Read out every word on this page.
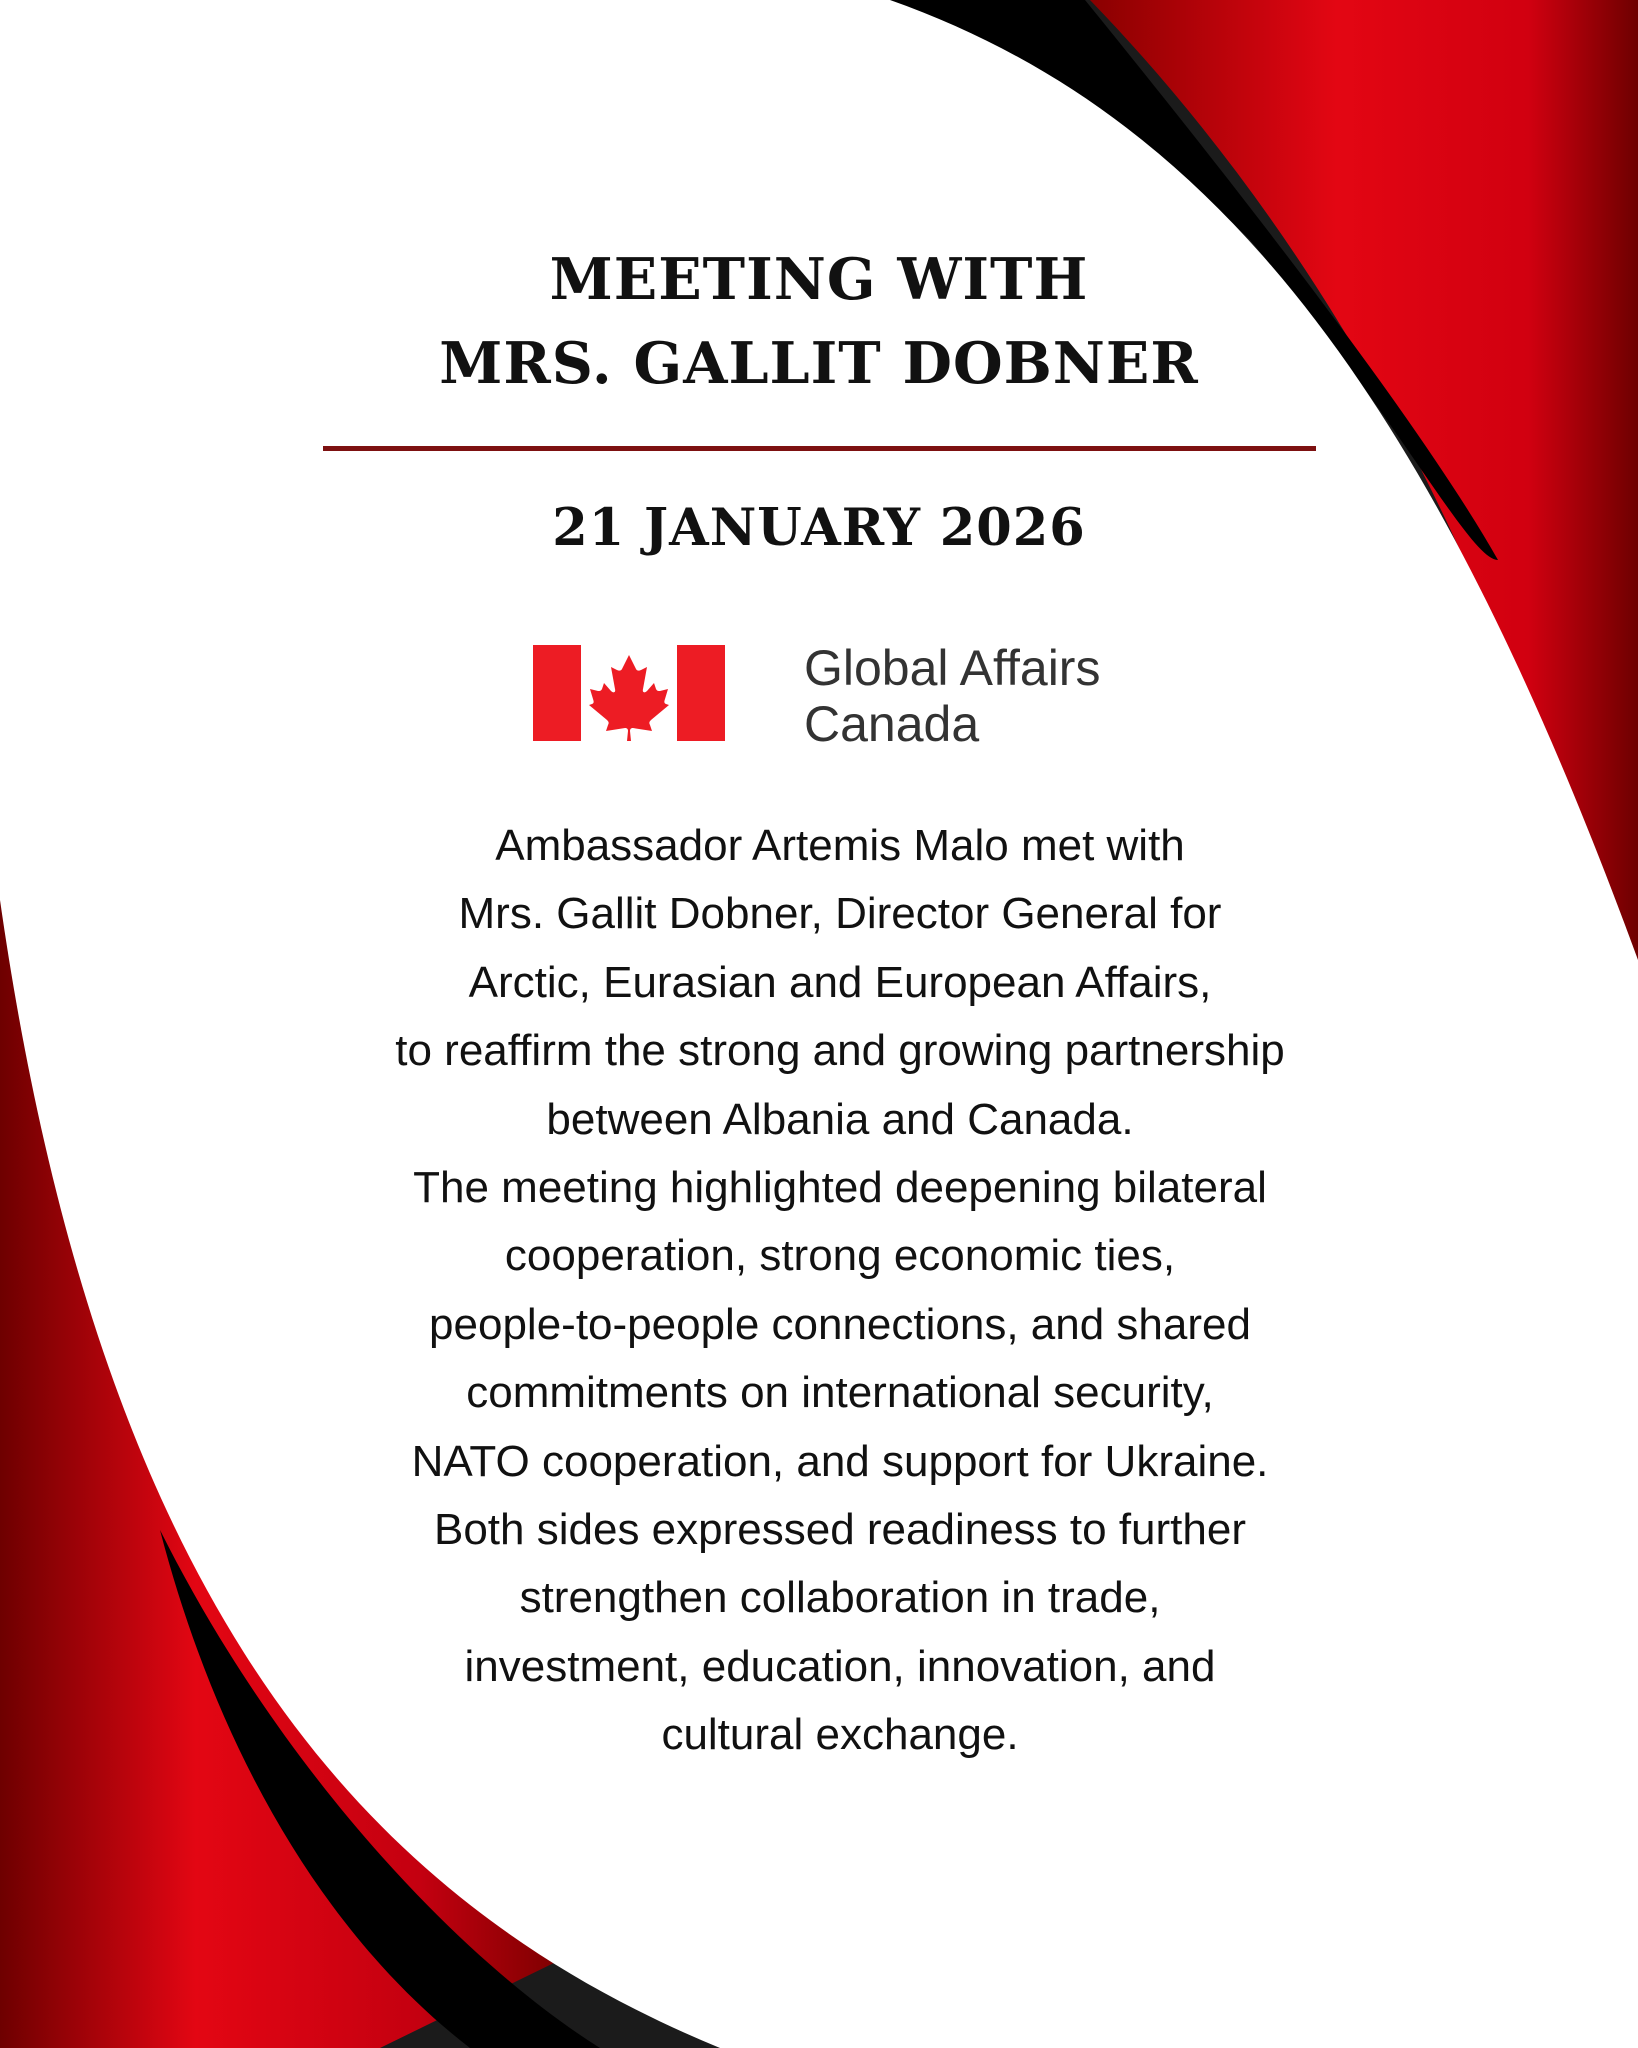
MEETING WITH
MRS. GALLIT DOBNER
21 JANUARY 2026
Global Affairs
Canada
Ambassador Artemis Malo met with
Mrs. Gallit Dobner, Director General for
Arctic, Eurasian and European Affairs,
to reaffirm the strong and growing partnership
between Albania and Canada.
The meeting highlighted deepening bilateral
cooperation, strong economic ties,
people-to-people connections, and shared
commitments on international security,
NATO cooperation, and support for Ukraine.
Both sides expressed readiness to further
strengthen collaboration in trade,
investment, education, innovation, and
cultural exchange.
